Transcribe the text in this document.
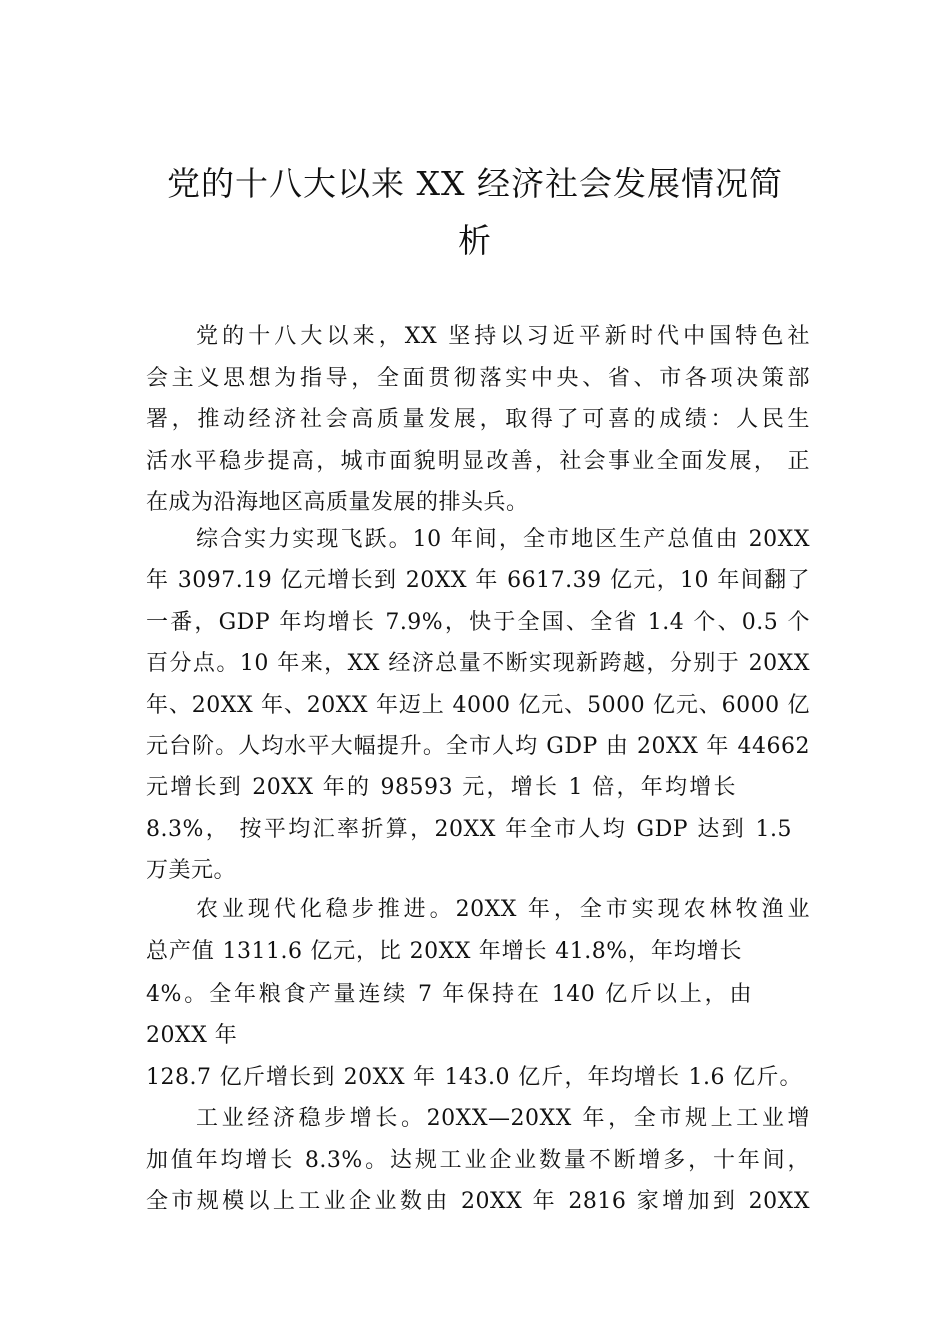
党的十八大以来 XX 经济社会发展情况简
析
党的十八大以来，XX 坚持以习近平新时代中国特色社
会主义思想为指导，全面贯彻落实中央、省、市各项决策部
署，推动经济社会高质量发展，取得了可喜的成绩：人民生
活水平稳步提高，城市面貌明显改善，社会事业全面发展， 正
在成为沿海地区高质量发展的排头兵。
综合实力实现飞跃。10 年间，全市地区生产总值由 20XX
年 3097.19 亿元增长到 20XX 年 6617.39 亿元，10 年间翻了
一番，GDP 年均增长 7.9%，快于全国、全省 1.4 个、0.5 个
百分点。10 年来，XX 经济总量不断实现新跨越，分别于 20XX
年、20XX 年、20XX 年迈上 4000 亿元、5000 亿元、6000 亿
元台阶。人均水平大幅提升。全市人均 GDP 由 20XX 年 44662
元增长到 20XX 年的 98593 元，增长 1 倍，年均增长
8.3%， 按平均汇率折算，20XX 年全市人均 GDP 达到 1.5
万美元。
农业现代化稳步推进。20XX 年，全市实现农林牧渔业
总产值 1311.6 亿元，比 20XX 年增长 41.8%，年均增长
4%。全年粮食产量连续 7 年保持在 140 亿斤以上，由
20XX 年
128.7 亿斤增长到 20XX 年 143.0 亿斤，年均增长 1.6 亿斤。
工业经济稳步增长。20XX—20XX 年，全市规上工业增
加值年均增长 8.3%。达规工业企业数量不断增多，十年间，
全市规模以上工业企业数由 20XX 年 2816 家增加到 20XX
